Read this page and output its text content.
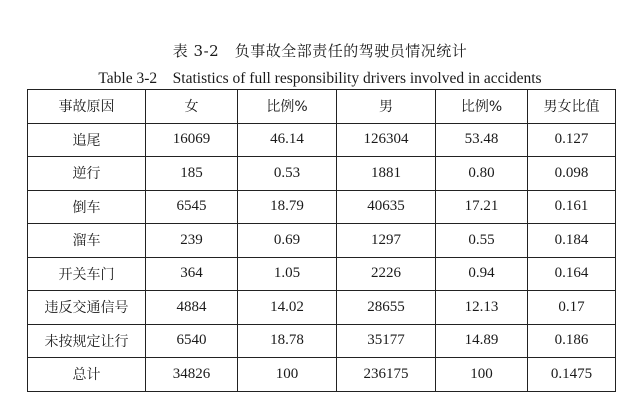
表 3-2　负事故全部责任的驾驶员情况统计
Table 3-2　Statistics of full responsibility drivers involved in accidents
事故原因	女	比例%	男	比例%	男女比值
追尾	16069	46.14	126304	53.48	0.127
逆行	185	0.53	1881	0.80	0.098
倒车	6545	18.79	40635	17.21	0.161
溜车	239	0.69	1297	0.55	0.184
开关车门	364	1.05	2226	0.94	0.164
违反交通信号	4884	14.02	28655	12.13	0.17
未按规定让行	6540	18.78	35177	14.89	0.186
总计	34826	100	236175	100	0.1475
